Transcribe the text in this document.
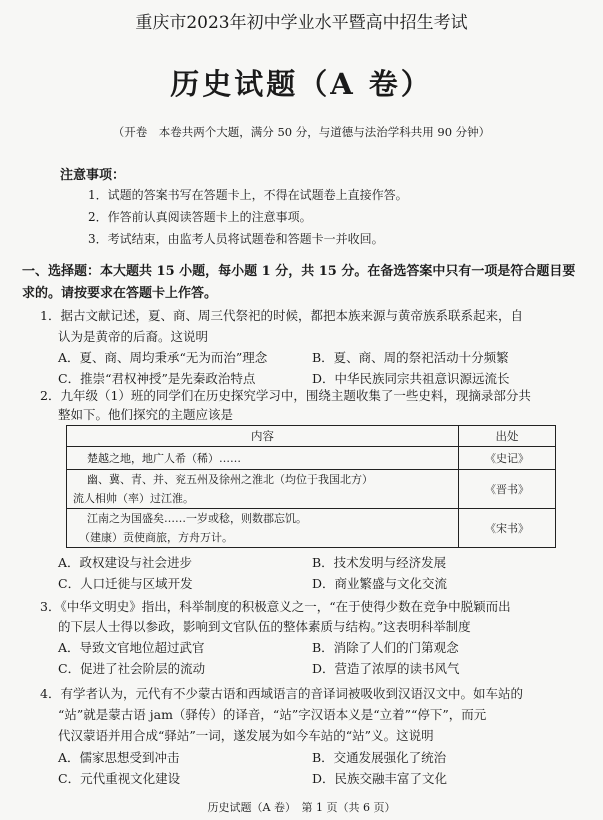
重庆市2023年初中学业水平暨高中招生考试
历史试题（A 卷）
（开卷　本卷共两个大题，满分 50 分，与道德与法治学科共用 90 分钟）
注意事项：
1．试题的答案书写在答题卡上，不得在试题卷上直接作答。
2．作答前认真阅读答题卡上的注意事项。
3．考试结束，由监考人员将试题卷和答题卡一并收回。
一、选择题：本大题共 15 小题，每小题 1 分，共 15 分。在备选答案中只有一项是符合题目要求的。请按要求在答题卡上作答。
1．据古文献记述，夏、商、周三代祭祀的时候，都把本族来源与黄帝族系联系起来，自
认为是黄帝的后裔。这说明
A．夏、商、周均秉承“无为而治”理念	B．夏、商、周的祭祀活动十分频繁
C．推崇“君权神授”是先秦政治特点	D．中华民族同宗共祖意识源远流长
2．九年级（1）班的同学们在历史探究学习中，围绕主题收集了一些史料，现摘录部分共
整如下。他们探究的主题应该是
内容	出处
楚越之地，地广人希（稀）……	《史记》

幽、冀、青、并、兖五州及徐州之淮北（均位于我国北方）
流人相帅（率）过江淮。	《晋书》

江南之为国盛矣……一岁或稔，则数郡忘饥。
（建康）贡使商旅，方舟万计。	《宋书》
A．政权建设与社会进步	B．技术发明与经济发展
C．人口迁徙与区域开发	D．商业繁盛与文化交流
3．《中华文明史》指出，科举制度的积极意义之一，“在于使得少数在竞争中脱颖而出
的下层人士得以参政，影响到文官队伍的整体素质与结构。”这表明科举制度
A．导致文官地位超过武官	B．消除了人们的门第观念
C．促进了社会阶层的流动	D．营造了浓厚的读书风气
4．有学者认为，元代有不少蒙古语和西域语言的音译词被吸收到汉语汉文中。如车站的
“站”就是蒙古语 jam（驿传）的译音，“站”字汉语本义是“立着”“停下”，而元
代汉蒙语并用合成“驿站”一词，遂发展为如今车站的“站”义。这说明
A．儒家思想受到冲击	B．交通发展强化了统治
C．元代重视文化建设	D．民族交融丰富了文化
历史试题（A 卷）　第 1 页（共 6 页）
